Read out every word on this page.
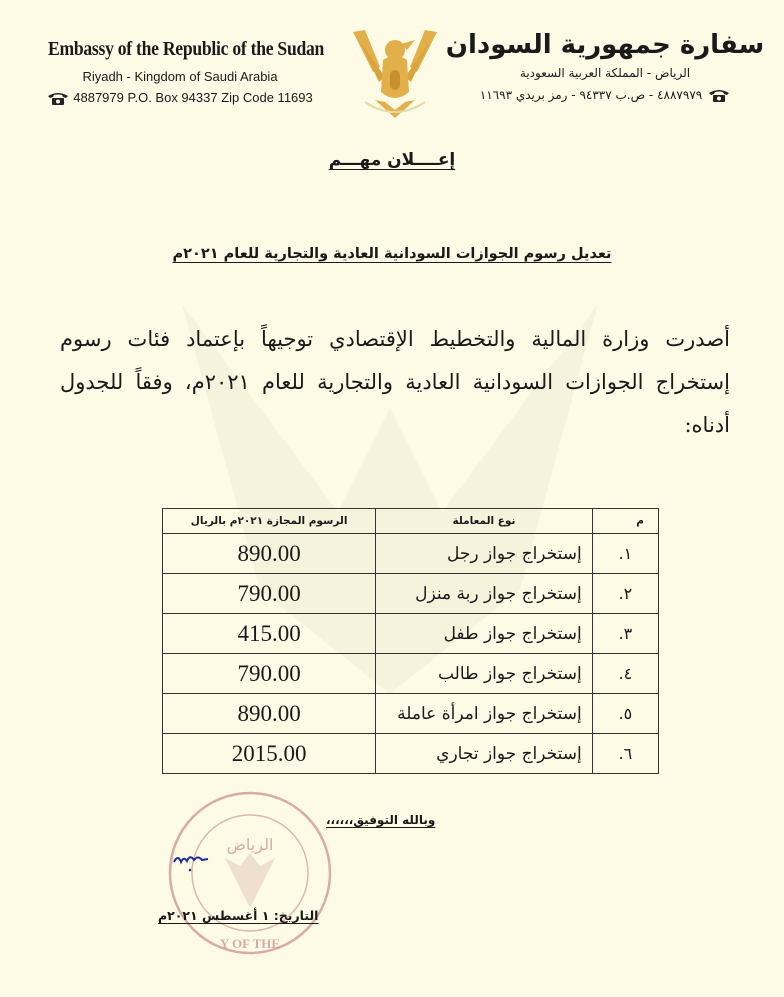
Embassy of the Republic of the Sudan
Riyadh - Kingdom of Saudi Arabia
4887979 P.O. Box 94337 Zip Code 11693
سفارة جمهورية السودان
الرياض - المملكة العربية السعودية
٤٨٨٧٩٧٩ - ص.ب ٩٤٣٣٧ - رمز بريدي ١١٦٩٣
إعــــلان مهـــم
تعديل رسوم الجوازات السودانية العادية والتجارية للعام ٢٠٢١م
أصدرت وزارة المالية والتخطيط الإقتصادي توجيهاً بإعتماد فئات رسوم إستخراج الجوازات السودانية العادية والتجارية للعام ٢٠٢١م، وفقاً للجدول أدناه:
م	نوع المعاملة	الرسوم المجازة ٢٠٢١م بالريال
١.	إستخراج جواز رجل	890.00
٢.	إستخراج جواز ربة منزل	790.00
٣.	إستخراج جواز طفل	415.00
٤.	إستخراج جواز طالب	790.00
٥.	إستخراج جواز امرأة عاملة	890.00
٦.	إستخراج جواز تجاري	2015.00
الرياض
Y OF THE
وبالله التوفيق،،،،،،
التاريخ: ١ أغسطس ٢٠٢١م
